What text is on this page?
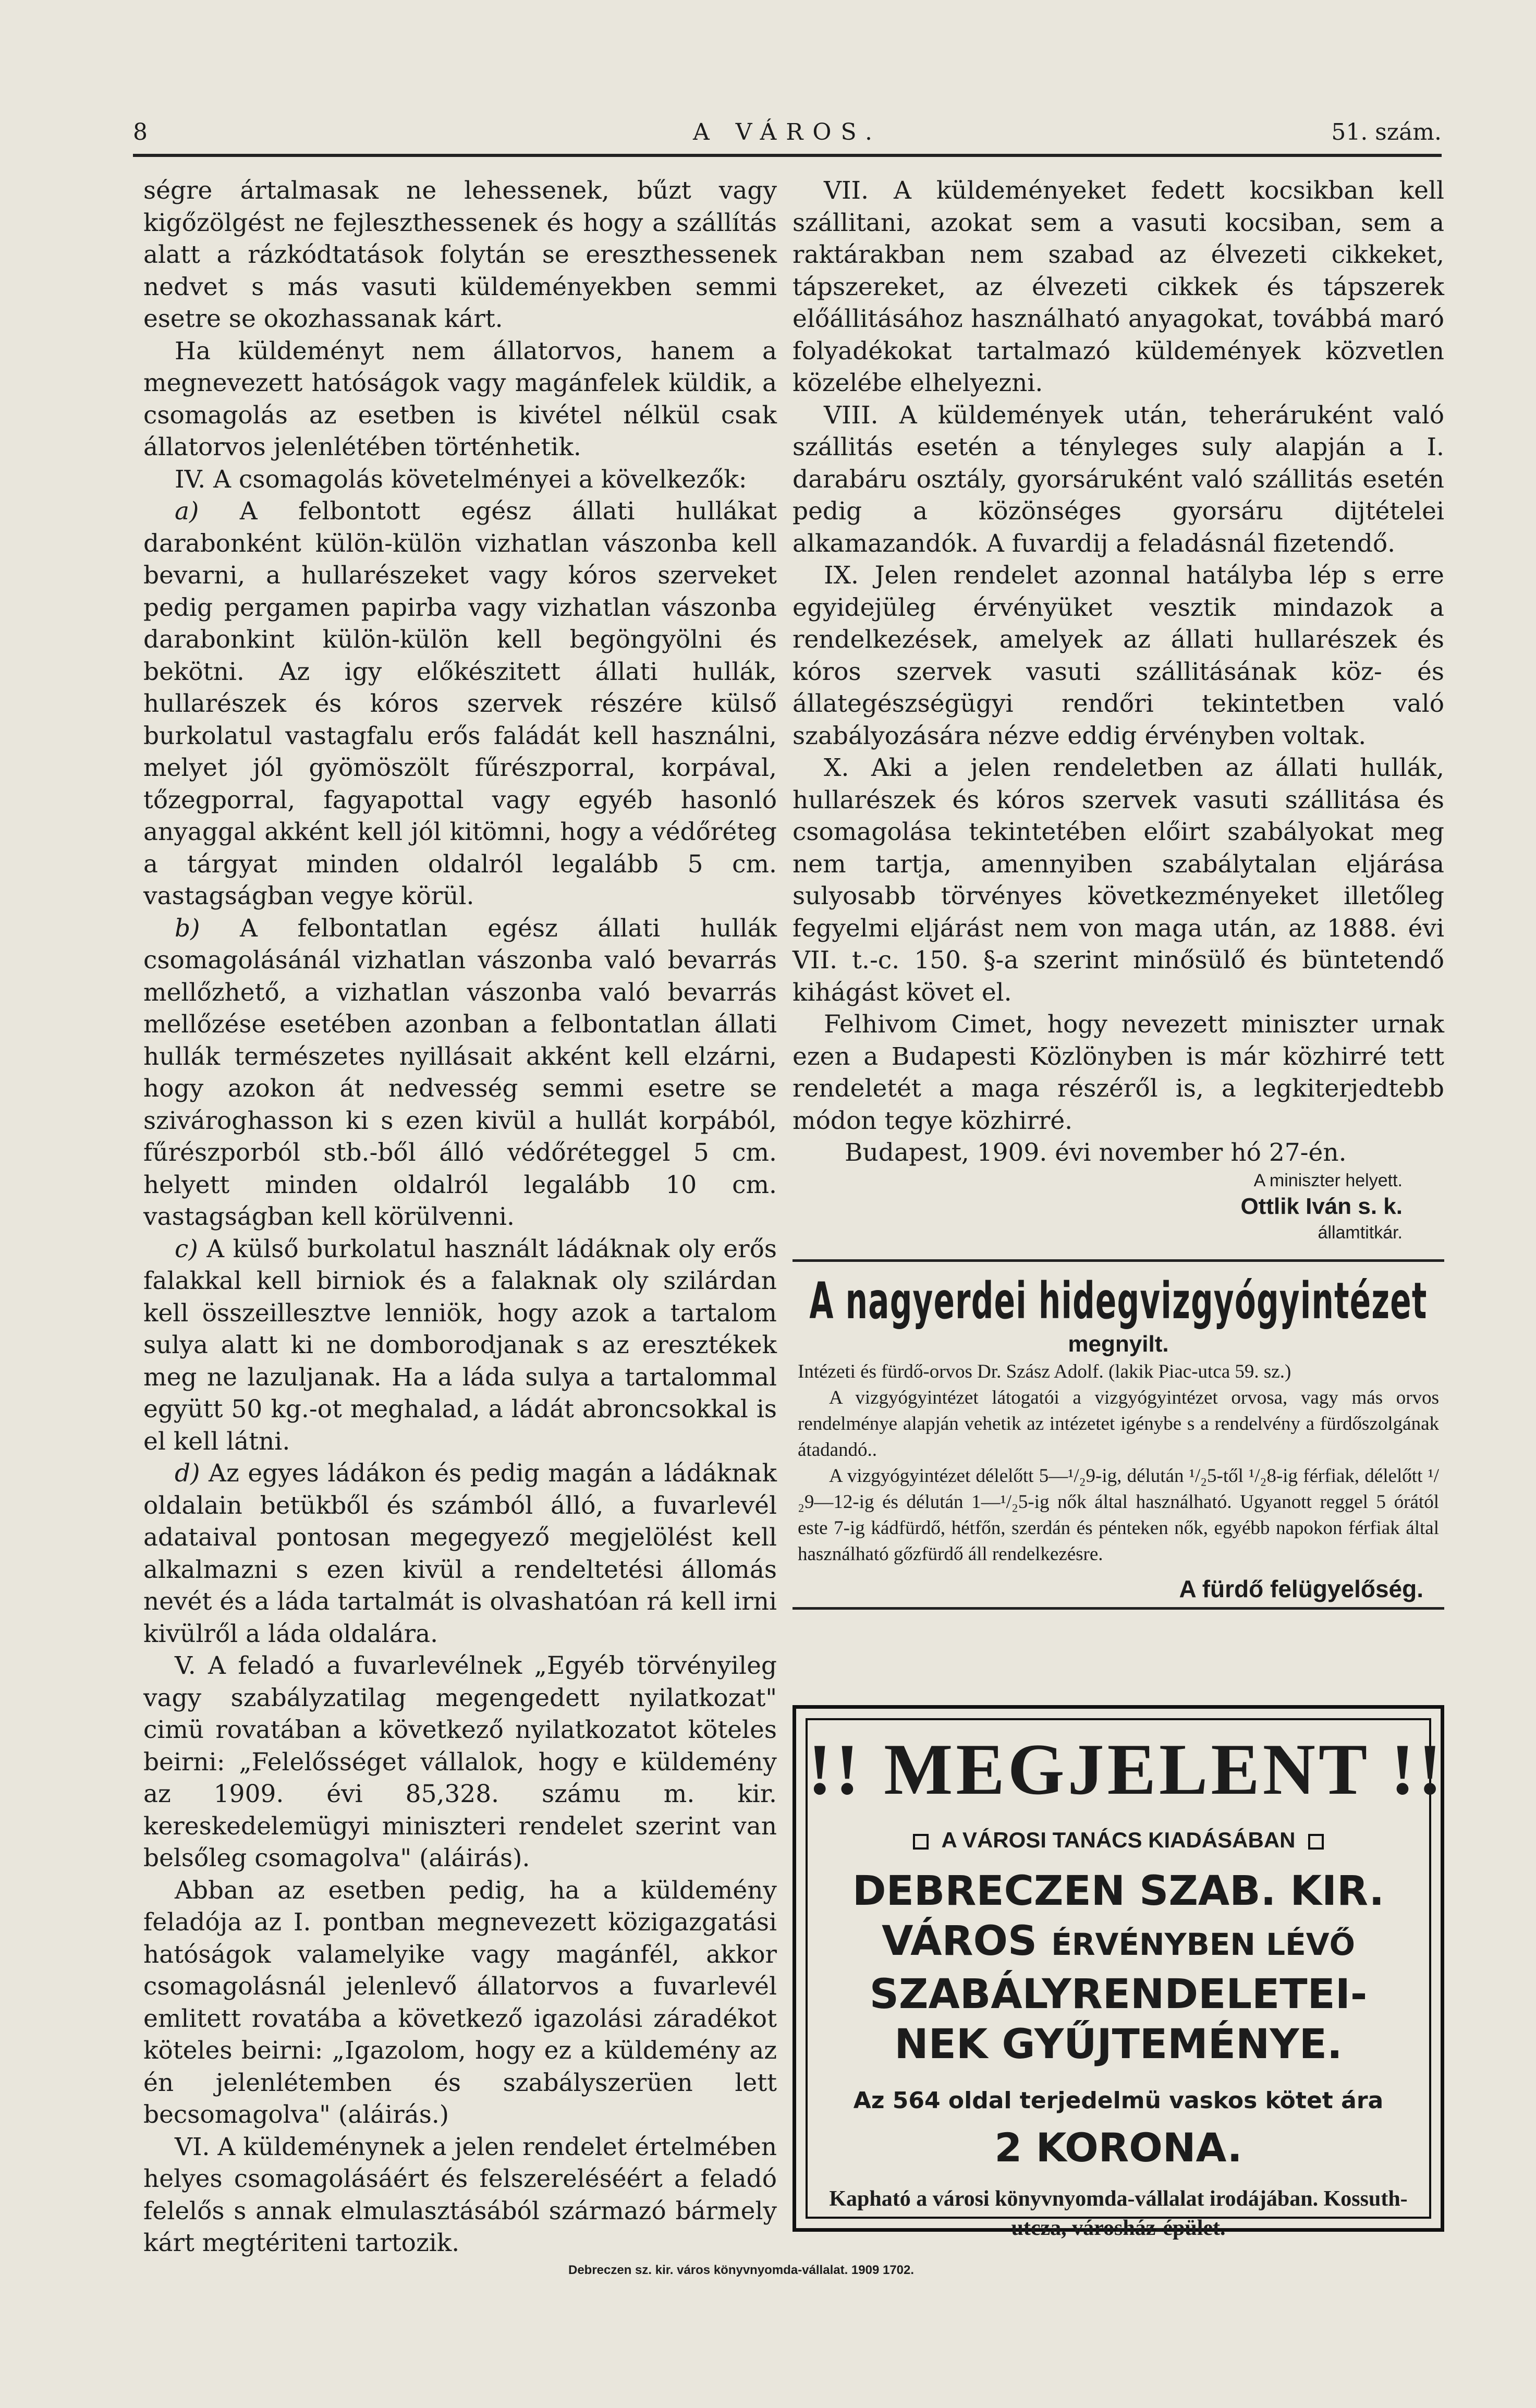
8	A VÁROS.	51. szám.

ségre ártalmasak ne lehessenek, bűzt vagy kigőzölgést ne fejleszthessenek és hogy a szállítás alatt a rázkódtatások folytán se ereszthessenek nedvet s más vasuti küldeményekben semmi esetre se okozhassanak kárt.

Ha küldeményt nem állatorvos, hanem a megnevezett hatóságok vagy magánfelek küldik, a csomagolás az esetben is kivétel nélkül csak állatorvos jelenlétében történhetik.

IV. A csomagolás követelményei a kövelkezők:

a) A felbontott egész állati hullákat darabonként külön-külön vizhatlan vászonba kell bevarni, a hullarészeket vagy kóros szerveket pedig pergamen papirba vagy vizhatlan vászonba darabonkint külön-külön kell begöngyölni és bekötni. Az igy előkészitett állati hullák, hullarészek és kóros szervek részére külső burkolatul vastagfalu erős faládát kell használni, melyet jól gyömöszölt fűrészporral, korpával, tőzegporral, fagyapottal vagy egyéb hasonló anyaggal akként kell jól kitömni, hogy a védőréteg a tárgyat minden oldalról legalább 5 cm. vastagságban vegye körül.

b) A felbontatlan egész állati hullák csomagolásánál vizhatlan vászonba való bevarrás mellőzhető, a vizhatlan vászonba való bevarrás mellőzése esetében azonban a felbontatlan állati hullák természetes nyillásait akként kell elzárni, hogy azokon át nedvesség semmi esetre se szivároghasson ki s ezen kivül a hullát korpából, fűrészporból stb.-ből álló védőréteggel 5 cm. helyett minden oldalról legalább 10 cm. vastagságban kell körülvenni.

c) A külső burkolatul használt ládáknak oly erős falakkal kell birniok és a falaknak oly szilárdan kell összeillesztve lenniök, hogy azok a tartalom sulya alatt ki ne domborodjanak s az eresztékek meg ne lazuljanak. Ha a láda sulya a tartalommal együtt 50 kg.-ot meghalad, a ládát abroncsokkal is el kell látni.

d) Az egyes ládákon és pedig magán a ládáknak oldalain betükből és számból álló, a fuvarlevél adataival pontosan megegyező megjelölést kell alkalmazni s ezen kivül a rendeltetési állomás nevét és a láda tartalmát is olvashatóan rá kell irni kivülről a láda oldalára.

V. A feladó a fuvarlevélnek „Egyéb törvényileg vagy szabályzatilag megengedett nyilatkozat" cimü rovatában a következő nyilatkozatot köteles beirni: „Felelősséget vállalok, hogy e küldemény az 1909. évi 85,328. számu m. kir. kereskedelemügyi miniszteri rendelet szerint van belsőleg csomagolva" (aláirás).

Abban az esetben pedig, ha a küldemény feladója az I. pontban megnevezett közigazgatási hatóságok valamelyike vagy magánfél, akkor csomagolásnál jelenlevő állatorvos a fuvarlevél emlitett rovatába a következő igazolási záradékot köteles beirni: „Igazolom, hogy ez a küldemény az én jelenlétemben és szabályszerüen lett becsomagolva" (aláirás.)

VI. A küldeménynek a jelen rendelet értelmében helyes csomagolásáért és felszereléséért a feladó felelős s annak elmulasztásából származó bármely kárt megtériteni tartozik.

VII. A küldeményeket fedett kocsikban kell szállitani, azokat sem a vasuti kocsiban, sem a raktárakban nem szabad az élvezeti cikkeket, tápszereket, az élvezeti cikkek és tápszerek előállitásához használható anyagokat, továbbá maró folyadékokat tartalmazó küldemények közvetlen közelébe elhelyezni.

VIII. A küldemények után, teheráruként való szállitás esetén a tényleges suly alapján a I. darabáru osztály, gyorsáruként való szállitás esetén pedig a közönséges gyorsáru dijtételei alkamazandók. A fuvardij a feladásnál fizetendő.

IX. Jelen rendelet azonnal hatályba lép s erre egyidejüleg érvényüket vesztik mindazok a rendelkezések, amelyek az állati hullarészek és kóros szervek vasuti szállitásának köz- és állategészségügyi rendőri tekintetben való szabályozására nézve eddig érvényben voltak.

X. Aki a jelen rendeletben az állati hullák, hullarészek és kóros szervek vasuti szállitása és csomagolása tekintetében előirt szabályokat meg nem tartja, amennyiben szabálytalan eljárása sulyosabb törvényes következményeket illetőleg fegyelmi eljárást nem von maga után, az 1888. évi VII. t.-c. 150. §-a szerint minősülő és büntetendő kihágást követ el.

Felhivom Cimet, hogy nevezett miniszter urnak ezen a Budapesti Közlönyben is már közhirré tett rendeletét a maga részéről is, a legkiterjedtebb módon tegye közhirré.

Budapest, 1909. évi november hó 27-én.

A miniszter helyett.
Ottlik Iván s. k.
államtitkár.
A nagyerdei hidegvizgyógyintézet
megnyilt.

Intézeti és fürdő-orvos Dr. Szász Adolf. (lakik Piac-utca 59. sz.)

A vizgyógyintézet látogatói a vizgyógyintézet orvosa, vagy más orvos rendelménye alapján vehetik az intézetet igénybe s a rendelvény a fürdőszolgának átadandó..

A vizgyógyintézet délelőtt 5—¹/₂9-ig, délután ¹/₂5-től ¹/₂8-ig férfiak, délelőtt ¹/₂9—12-ig és délután 1—¹/₂5-ig nők által használható. Ugyanott reggel 5 órától este 7-ig kádfürdő, hétfőn, szerdán és pénteken nők, egyébb napokon férfiak által használható gőzfürdő áll rendelkezésre.

A fürdő felügyelőség.
!! MEGJELENT !!
A VÁROSI TANÁCS KIADÁSÁBAN
DEBRECZEN SZAB. KIR.
VÁROS ÉRVÉNYBEN LÉVŐ
SZABÁLYRENDELETEI-
NEK GYŰJTEMÉNYE.
Az 564 oldal terjedelmü vaskos kötet ára
2 KORONA.
Kapható a városi könyvnyomda-vállalat irodájában. Kossuth-utcza, városház-épület.
Debreczen sz. kir. város könyvnyomda-vállalat. 1909 1702.
